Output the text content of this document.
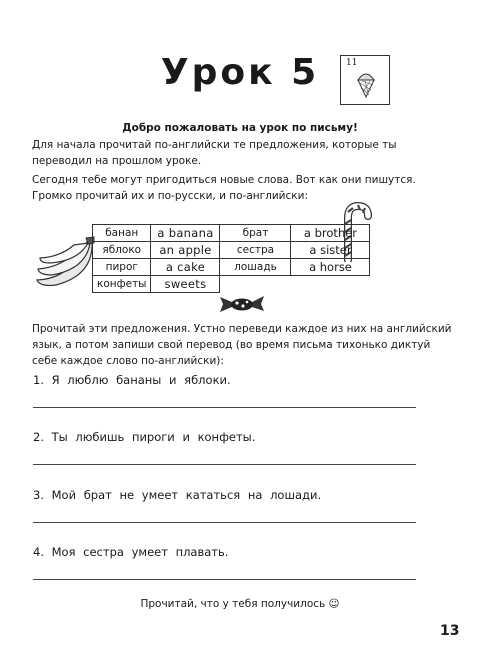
Урок 5	11
Добро пожаловать на урок по письму!
Для начала прочитай по-английски те предложения, которые ты переводил на прошлом уроке.
Сегодня тебе могут пригодиться новые слова. Вот как они пишутся. Громко прочитай их и по-русски, и по-английски:
банан	a banana	брат	a brother
яблоко	an apple	сестра	a sister
пирог	a cake	лошадь	a horse
конфеты	sweets		
Прочитай эти предложения. Устно переведи каждое из них на английский язык, а потом запиши свой перевод (во время письма тихонько диктуй себе каждое слово по-английски):
1. Я люблю бананы и яблоки.
2. Ты любишь пироги и конфеты.
3. Мой брат не умеет кататься на лошади.
4. Моя сестра умеет плавать.
Прочитай, что у тебя получилось ☺
13
